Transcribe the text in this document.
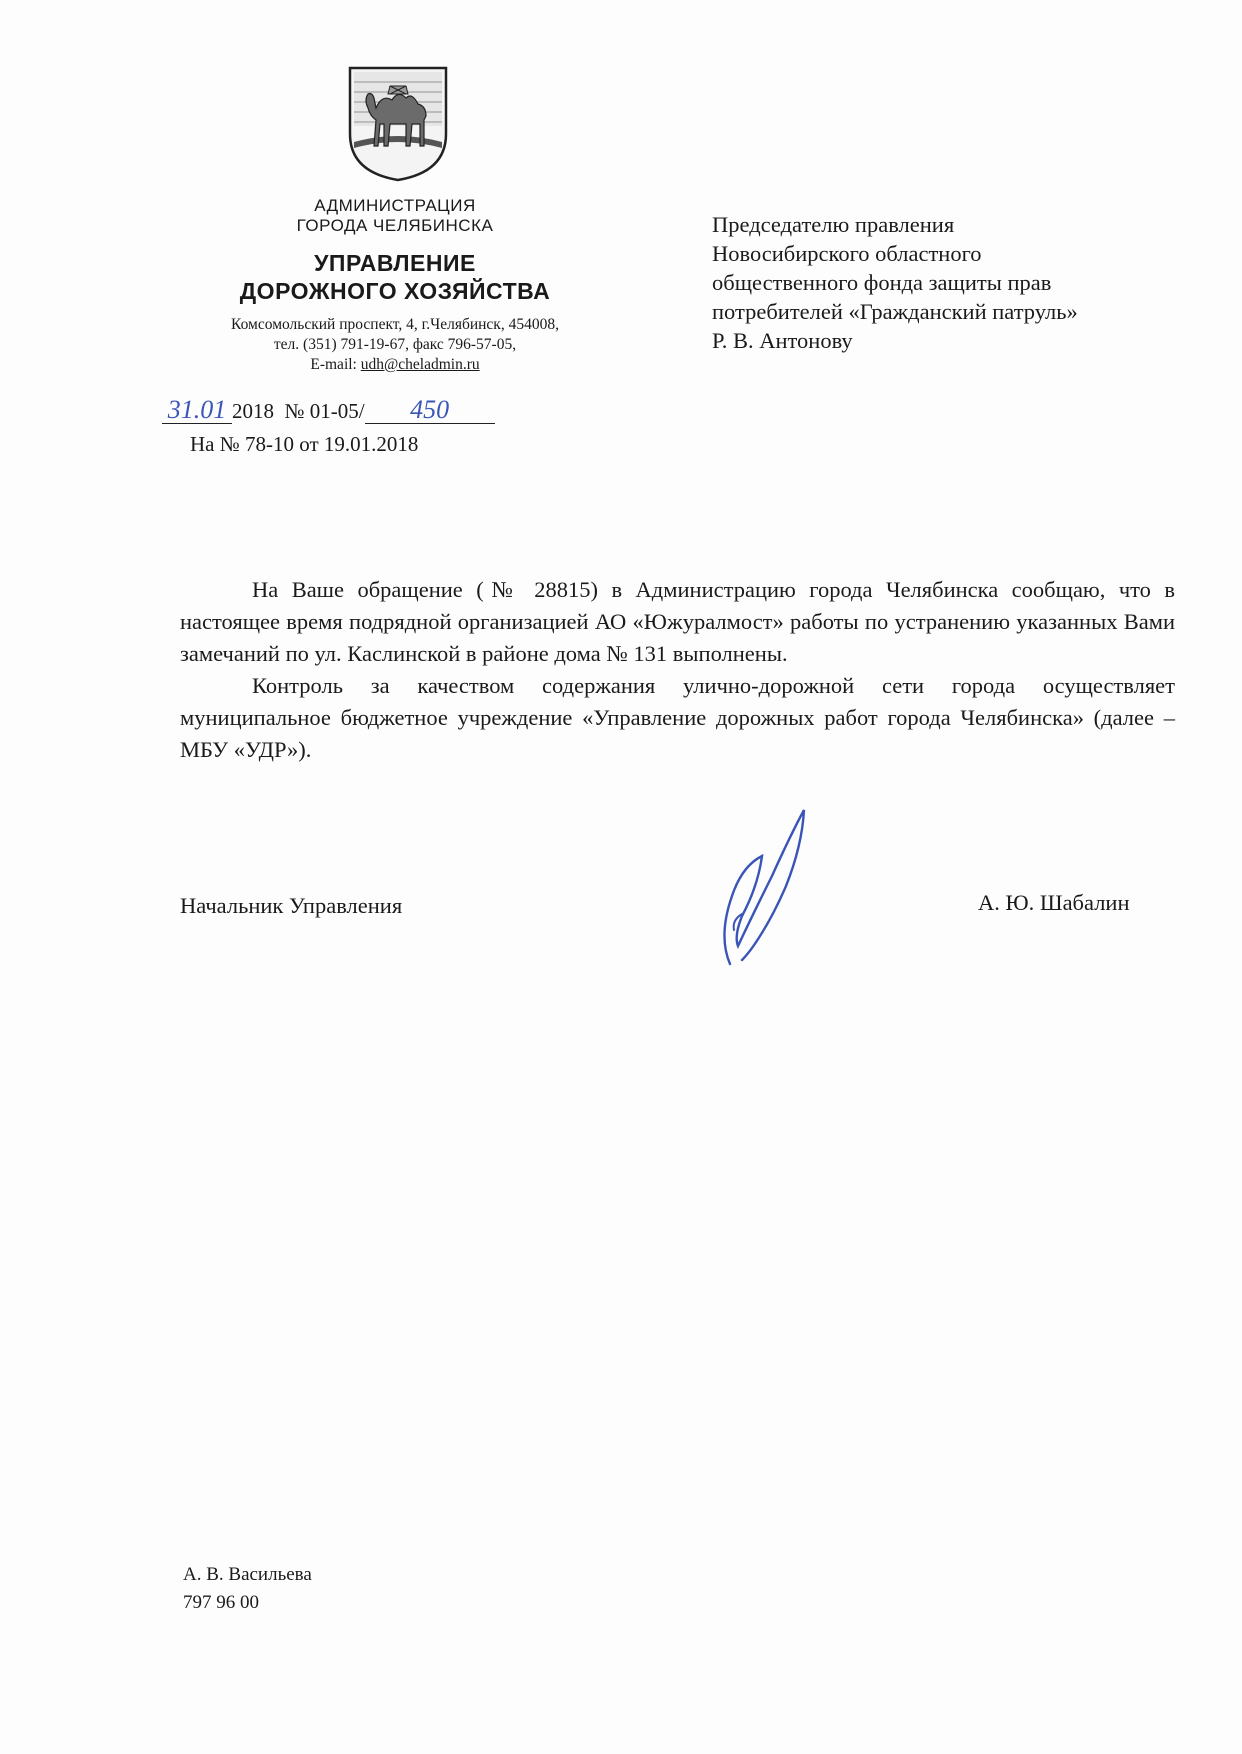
АДМИНИСТРАЦИЯ
ГОРОДА ЧЕЛЯБИНСКА
УПРАВЛЕНИЕ
ДОРОЖНОГО ХОЗЯЙСТВА
Комсомольский проспект, 4, г.Челябинск, 454008,
тел. (351) 791-19-67, факс 796-57-05,
E-mail: udh@cheladmin.ru
31.01 2018 № 01-05/ 450
На № 78-10 от 19.01.2018
Председателю правления
Новосибирского областного
общественного фонда защиты прав
потребителей «Гражданский патруль»
Р. В. Антонову

На Ваше обращение (№ 28815) в Администрацию города Челябинска сообщаю, что в настоящее время подрядной организацией АО «Южуралмост» работы по устранению указанных Вами замечаний по ул. Каслинской в районе дома № 131 выполнены.

Контроль за качеством содержания улично-дорожной сети города осуществляет муниципальное бюджетное учреждение «Управление дорожных работ города Челябинска» (далее – МБУ «УДР»).

Начальник Управления	А. Ю. Шабалин
А. В. Васильева
797 96 00
